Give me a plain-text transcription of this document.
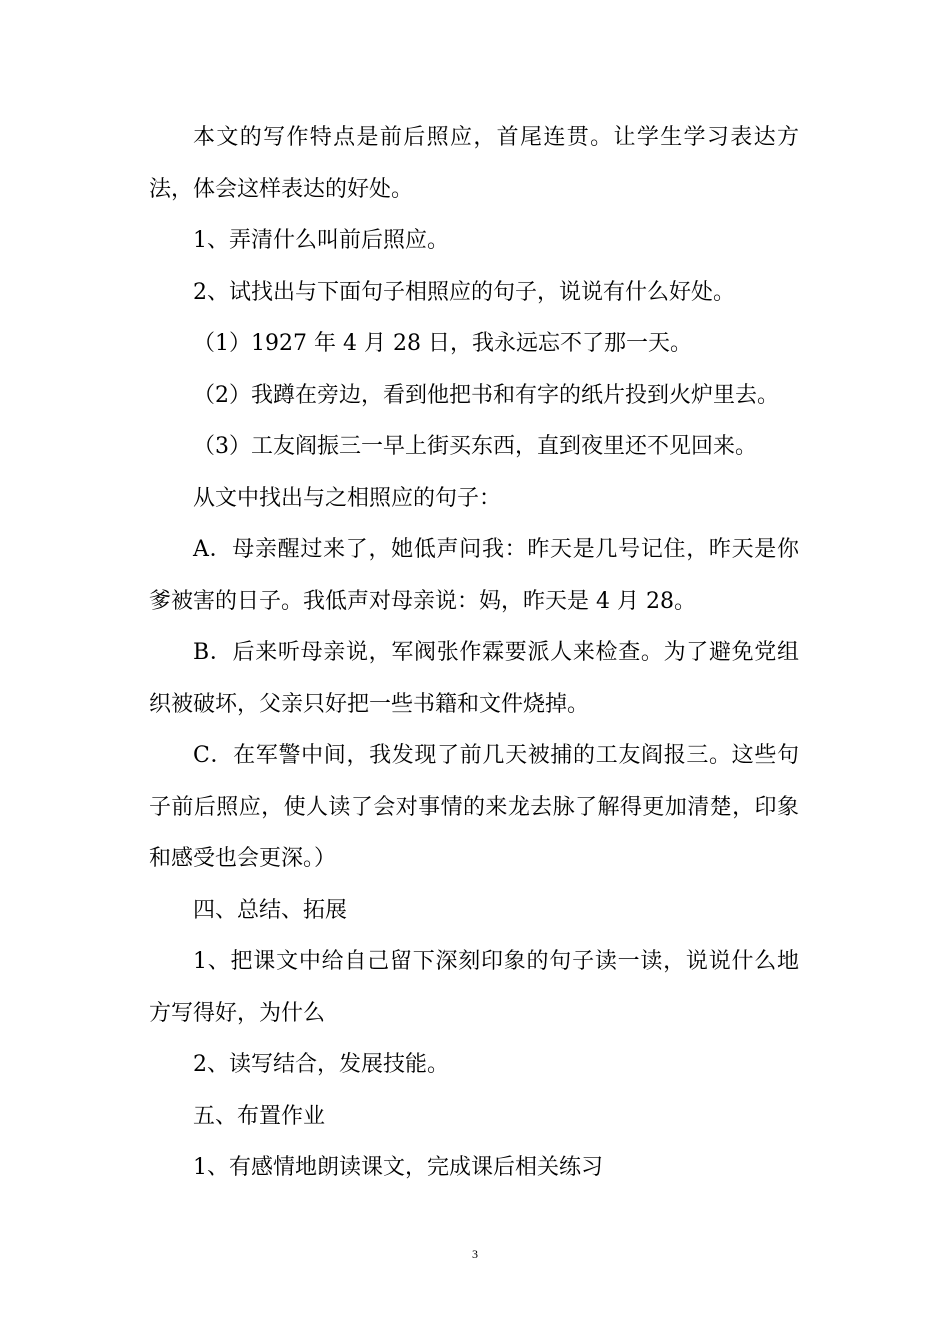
本文的写作特点是前后照应，首尾连贯。让学生学习表达方法，体会这样表达的好处。

1、弄清什么叫前后照应。

2、试找出与下面句子相照应的句子，说说有什么好处。

（1）1927 年 4 月 28 日，我永远忘不了那一天。

（2）我蹲在旁边，看到他把书和有字的纸片投到火炉里去。

（3）工友阎振三一早上街买东西，直到夜里还不见回来。

从文中找出与之相照应的句子：

A．母亲醒过来了，她低声问我：昨天是几号记住，昨天是你爹被害的日子。我低声对母亲说：妈，昨天是 4 月 28。

B．后来听母亲说，军阀张作霖要派人来检查。为了避免党组织被破坏，父亲只好把一些书籍和文件烧掉。

C．在军警中间，我发现了前几天被捕的工友阎报三。这些句子前后照应，使人读了会对事情的来龙去脉了解得更加清楚，印象和感受也会更深。）

四、总结、拓展

1、把课文中给自己留下深刻印象的句子读一读，说说什么地方写得好，为什么

2、读写结合，发展技能。

五、布置作业

1、有感情地朗读课文，完成课后相关练习

3
